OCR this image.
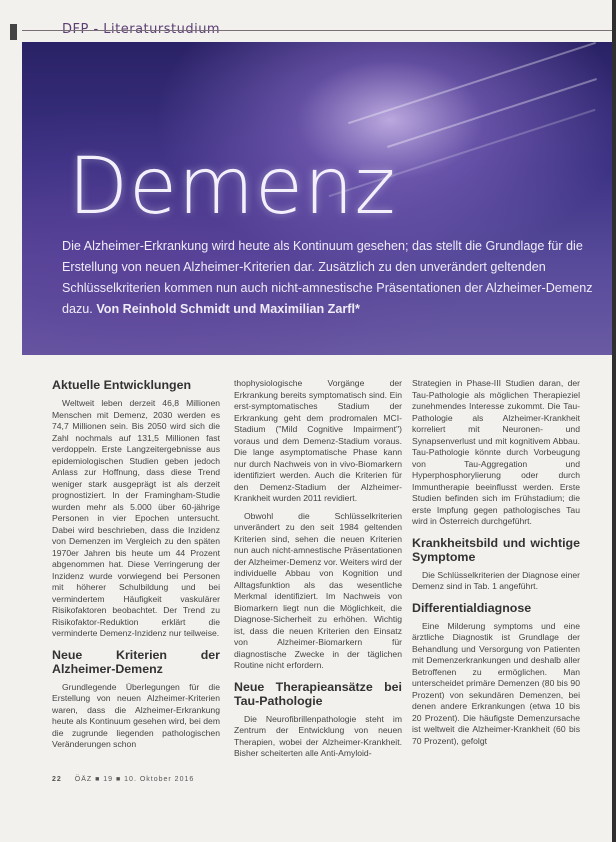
DFP - Literaturstudium
Demenz
Die Alzheimer-Erkrankung wird heute als Kontinuum gesehen; das stellt die Grundlage für die Erstellung von neuen Alzheimer-Kriterien dar. Zusätzlich zu den unverändert geltenden Schlüsselkriterien kommen nun auch nicht-amnestische Präsentationen der Alzheimer-Demenz dazu. Von Reinhold Schmidt und Maximilian Zarfl*
Aktuelle Entwicklungen

Weltweit leben derzeit 46,8 Millionen Menschen mit Demenz, 2030 werden es 74,7 Millionen sein. Bis 2050 wird sich die Zahl nochmals auf 131,5 Millionen fast verdoppeln. Erste Langzeitergebnisse aus epidemiologischen Studien geben jedoch Anlass zur Hoffnung, dass diese Trend weniger stark ausgeprägt ist als derzeit prognostiziert. In der Framingham-Studie wurden mehr als 5.000 über 60-jährige Personen in vier Epochen untersucht. Dabei wird beschrieben, dass die Inzidenz von Demenzen im Vergleich zu den späten 1970er Jahren bis heute um 44 Prozent abgenommen hat. Diese Verringerung der Inzidenz wurde vorwiegend bei Personen mit höherer Schulbildung und bei vermindertem Häufigkeit vaskulärer Risikofaktoren beobachtet. Der Trend zu Risikofaktor-Reduktion erklärt die verminderte Demenz-Inzidenz nur teilweise.

Neue Kriterien der Alzheimer-Demenz

Grundlegende Überlegungen für die Erstellung von neuen Alzheimer-Kriterien waren, dass die Alzheimer-Erkrankung heute als Kontinuum gesehen wird, bei dem die zugrunde liegenden pathologischen Veränderungen schon

thophysiologische Vorgänge der Erkrankung bereits symptomatisch sind. Ein erst-symptomatisches Stadium der Erkrankung geht dem prodromalen MCI-Stadium ("Mild Cognitive Impairment") voraus und dem Demenz-Stadium voraus. Die lange asymptomatische Phase kann nur durch Nachweis von in vivo-Biomarkern identifiziert werden. Auch die Kriterien für den Demenz-Stadium der Alzheimer-Krankheit wurden 2011 revidiert.

Obwohl die Schlüsselkriterien unverändert zu den seit 1984 geltenden Kriterien sind, sehen die neuen Kriterien nun auch nicht-amnestische Präsentationen der Alzheimer-Demenz vor. Weiters wird der individuelle Abbau von Kognition und Alltagsfunktion als das wesentliche Merkmal identifiziert. Im Nachweis von Biomarkern liegt nun die Möglichkeit, die Diagnose-Sicherheit zu erhöhen. Wichtig ist, dass die neuen Kriterien den Einsatz von Alzheimer-Biomarkern für diagnostische Zwecke in der täglichen Routine nicht erfordern.

Neue Therapieansätze bei Tau-Pathologie

Die Neurofibrillenpathologie steht im Zentrum der Entwicklung von neuen Therapien, wobei der Alzheimer-Krankheit. Bisher scheiterten alle Anti-Amyloid-

Strategien in Phase-III Studien daran, der Tau-Pathologie als möglichen Therapieziel zunehmendes Interesse zukommt. Die Tau-Pathologie als Alzheimer-Krankheit korreliert mit Neuronen- und Synapsenverlust und mit kognitivem Abbau. Tau-Pathologie könnte durch Vorbeugung von Tau-Aggregation und Hyperphosphorylierung oder durch Immuntherapie beeinflusst werden. Erste Studien befinden sich im Frühstadium; die erste Impfung gegen pathologisches Tau wird in Österreich durchgeführt.

Krankheitsbild und wichtige Symptome

Die Schlüsselkriterien der Diagnose einer Demenz sind in Tab. 1 angeführt.

Differentialdiagnose

Eine Milderung symptoms und eine ärztliche Diagnostik ist Grundlage der Behandlung und Versorgung von Patienten mit Demenzerkrankungen und deshalb aller Betroffenen zu ermöglichen. Man unterscheidet primäre Demenzen (80 bis 90 Prozent) von sekundären Demenzen, bei denen andere Erkrankungen (etwa 10 bis 20 Prozent). Die häufigste Demenzursache ist weltweit die Alzheimer-Krankheit (60 bis 70 Prozent), gefolgt

22 ÖÄZ ■ 19 ■ 10. Oktober 2016
